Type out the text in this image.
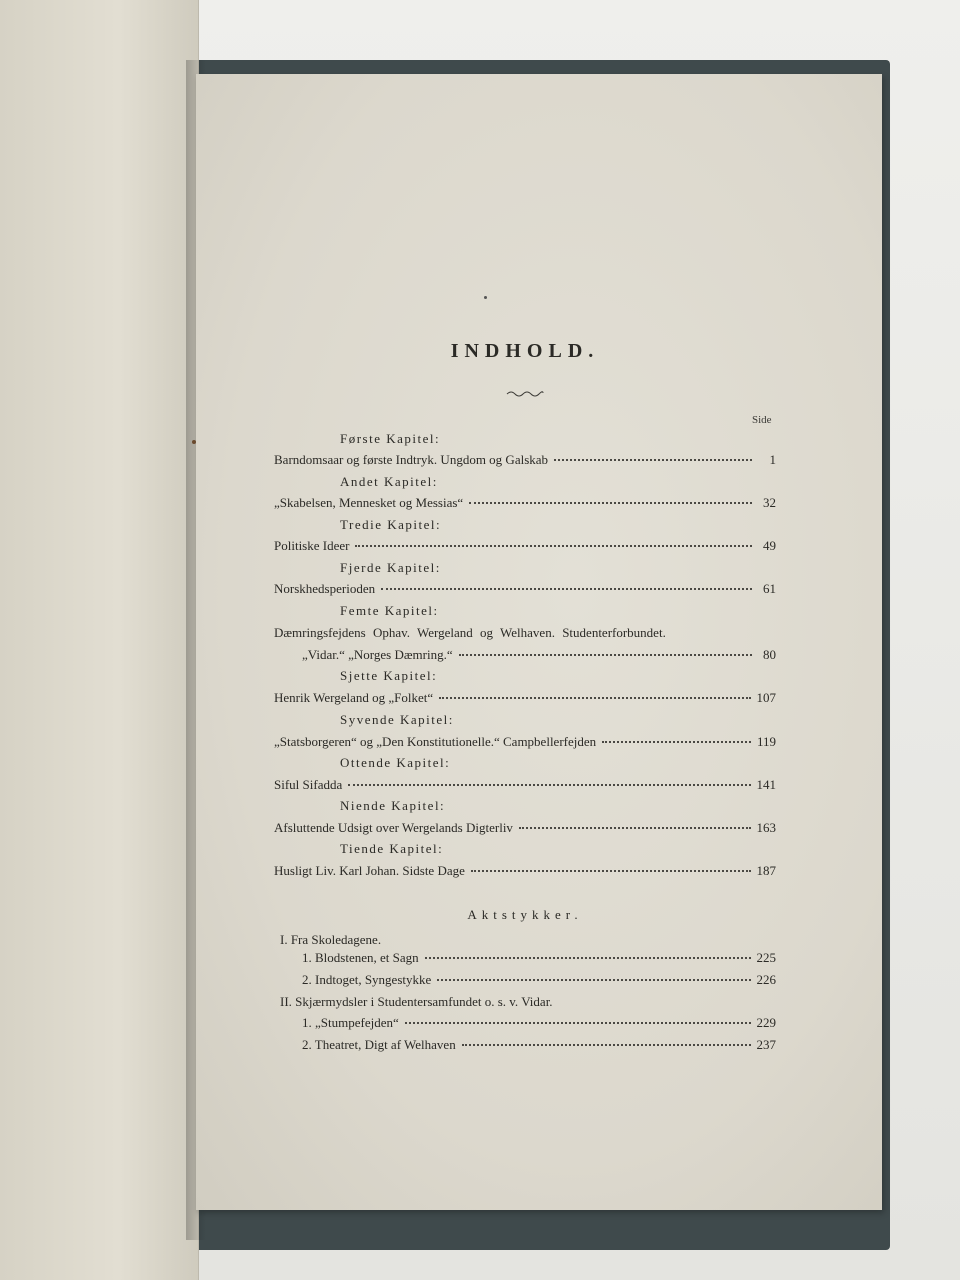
INDHOLD.
Side
Første Kapitel:
Barndomsaar og første Indtryk. Ungdom og Galskab	1
Andet Kapitel:
„Skabelsen, Mennesket og Messias“	32
Tredie Kapitel:
Politiske Ideer	49
Fjerde Kapitel:
Norskhedsperioden	61
Femte Kapitel:
Dæmringsfejdens Ophav. Wergeland og Welhaven. Studenterforbundet.
„Vidar.“ „Norges Dæmring.“	80
Sjette Kapitel:
Henrik Wergeland og „Folket“	107
Syvende Kapitel:
„Statsborgeren“ og „Den Konstitutionelle.“ Campbellerfejden	119
Ottende Kapitel:
Siful Sifadda	141
Niende Kapitel:
Afsluttende Udsigt over Wergelands Digterliv	163
Tiende Kapitel:
Husligt Liv. Karl Johan. Sidste Dage	187
Aktstykker.
I. Fra Skoledagene.
1. Blodstenen, et Sagn	225
2. Indtoget, Syngestykke	226
II. Skjærmydsler i Studentersamfundet o. s. v. Vidar.
1. „Stumpefejden“	229
2. Theatret, Digt af Welhaven	237
